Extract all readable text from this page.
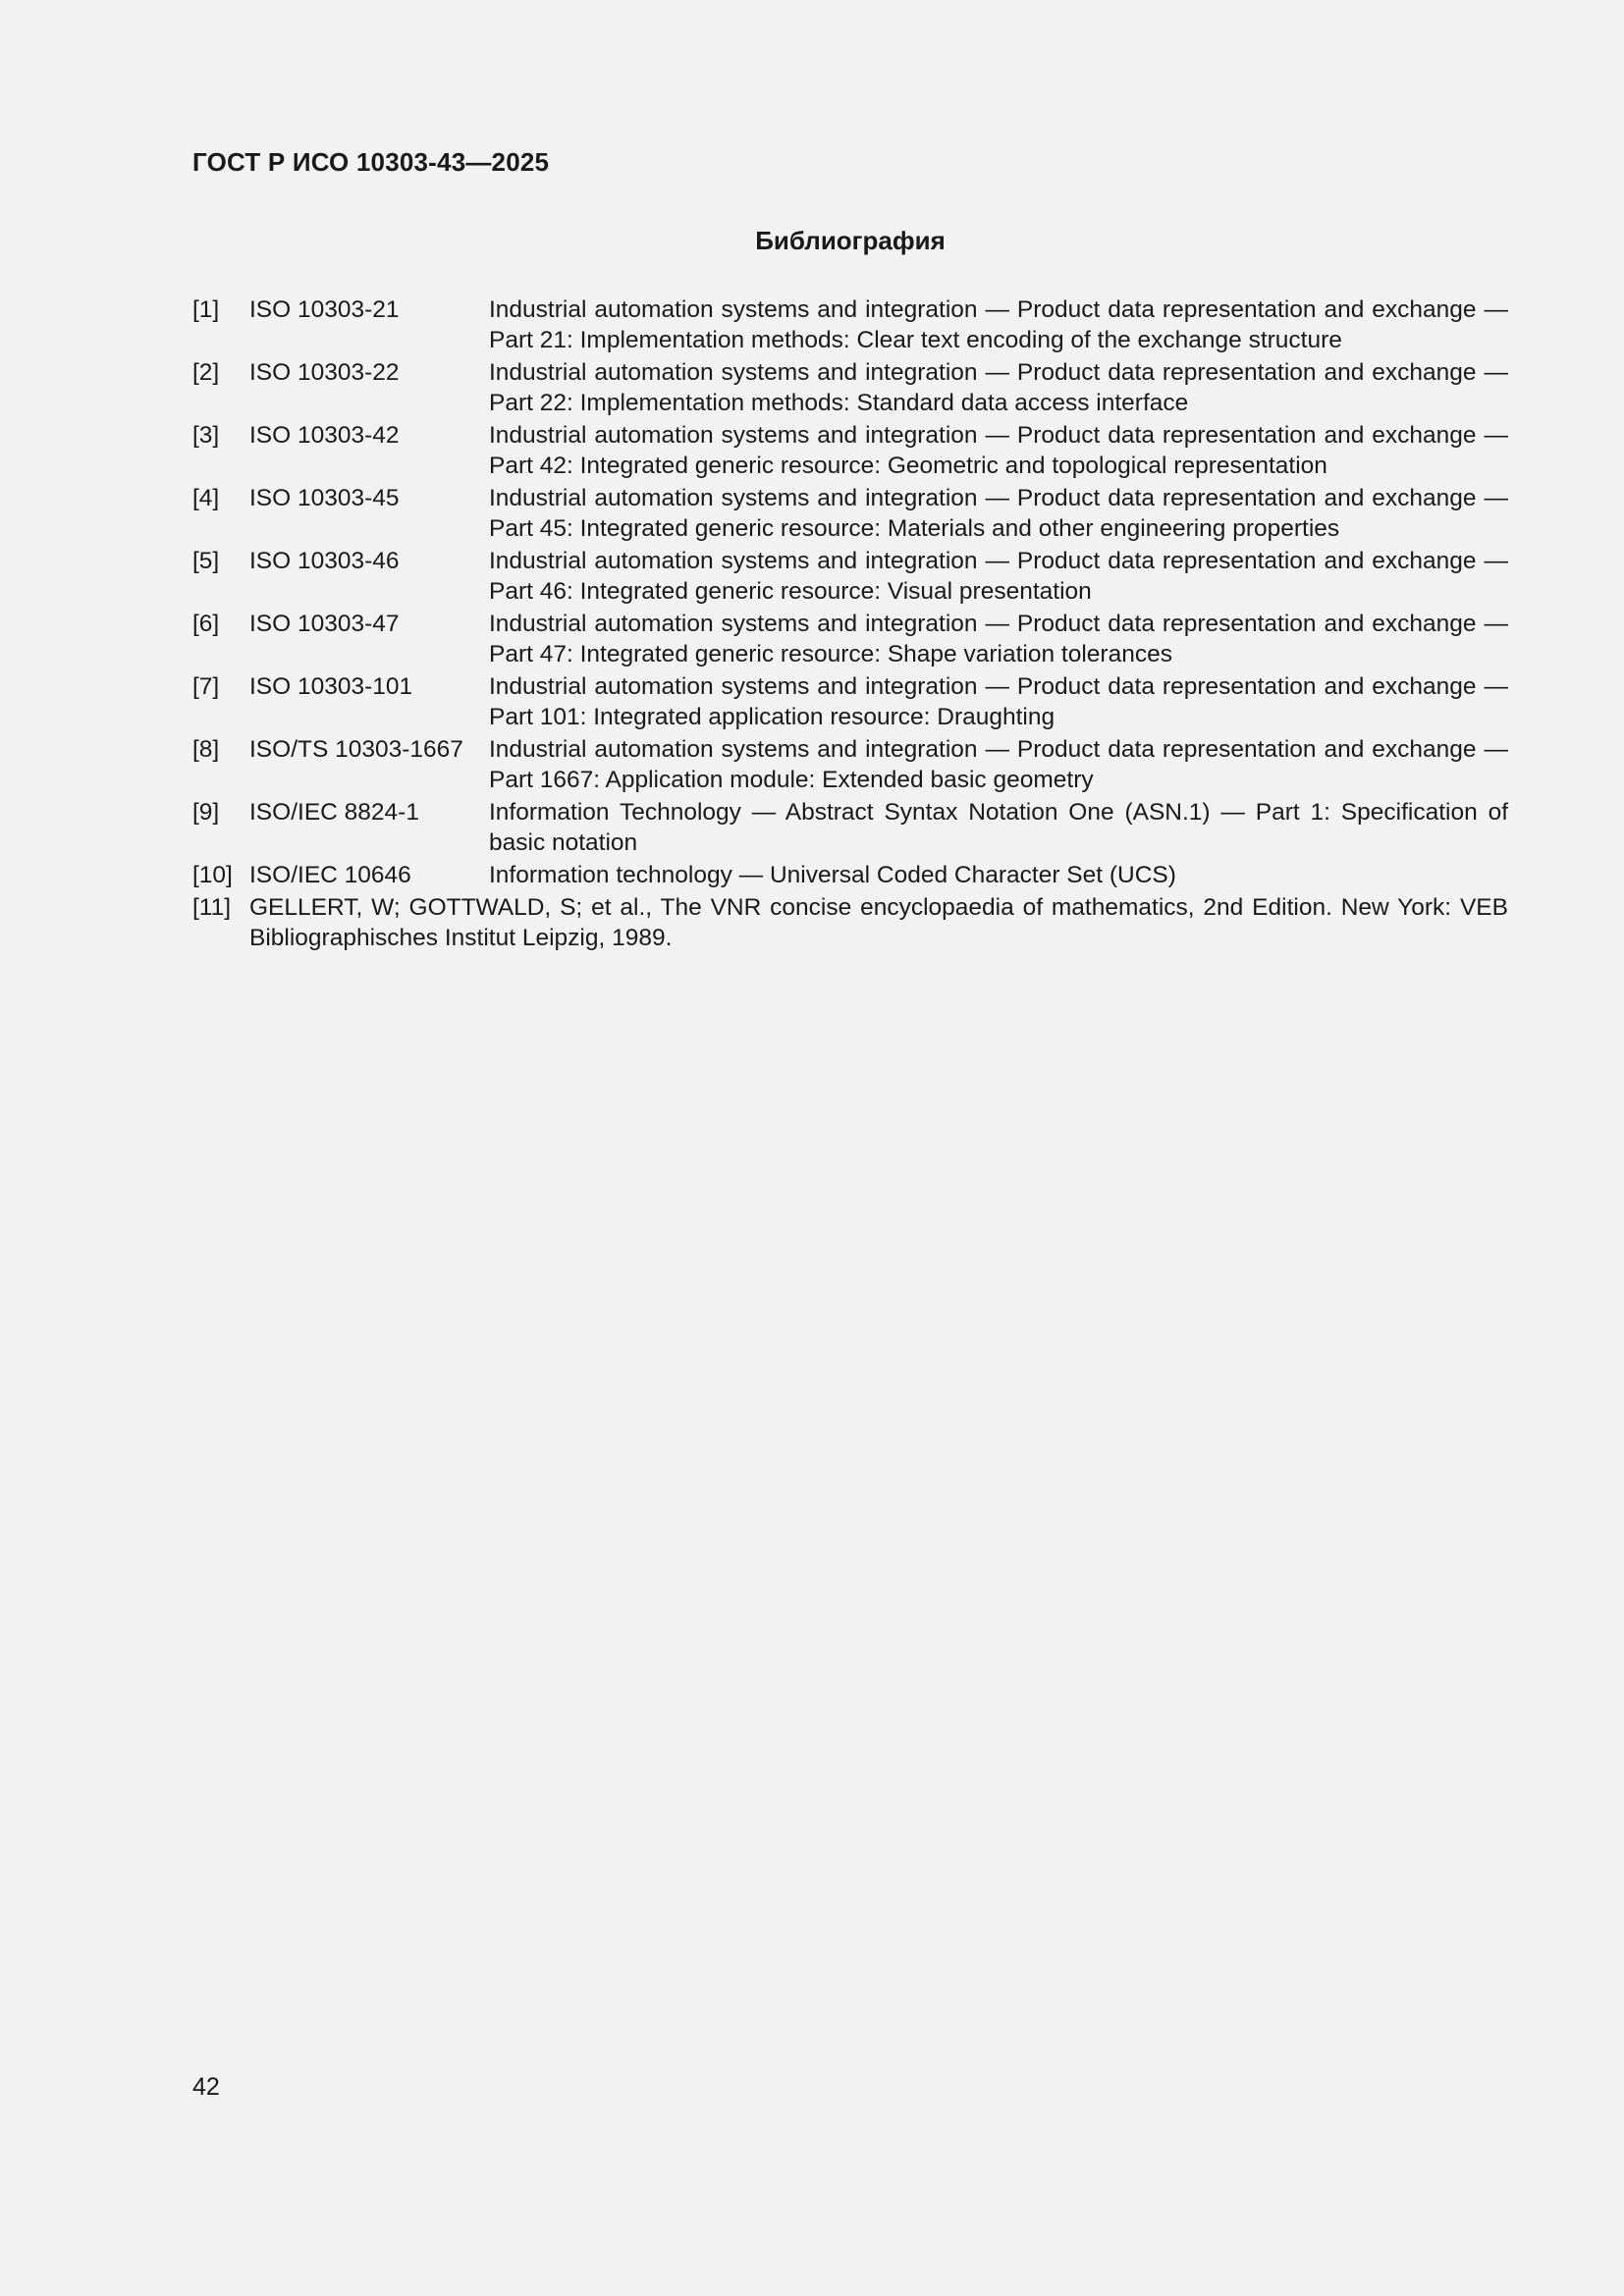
ГОСТ Р ИСО 10303-43—2025
Библиография
[1] ISO 10303-21	Industrial automation systems and integration — Product data representation and exchange — Part 21: Implementation methods: Clear text encoding of the exchange structure
[2] ISO 10303-22	Industrial automation systems and integration — Product data representation and exchange — Part 22: Implementation methods: Standard data access interface
[3] ISO 10303-42	Industrial automation systems and integration — Product data representation and exchange — Part 42: Integrated generic resource: Geometric and topological representation
[4] ISO 10303-45	Industrial automation systems and integration — Product data representation and exchange — Part 45: Integrated generic resource: Materials and other engineering properties
[5] ISO 10303-46	Industrial automation systems and integration — Product data representation and exchange — Part 46: Integrated generic resource: Visual presentation
[6] ISO 10303-47	Industrial automation systems and integration — Product data representation and exchange — Part 47: Integrated generic resource: Shape variation tolerances
[7] ISO 10303-101	Industrial automation systems and integration — Product data representation and exchange — Part 101: Integrated application resource: Draughting
[8] ISO/TS 10303-1667 Industrial automation systems and integration — Product data representation and exchange — Part 1667: Application module: Extended basic geometry
[9] ISO/IEC 8824-1	Information Technology — Abstract Syntax Notation One (ASN.1) — Part 1: Specification of basic notation
[10] ISO/IEC 10646	Information technology — Universal Coded Character Set (UCS)
[11] GELLERT, W; GOTTWALD, S; et al., The VNR concise encyclopaedia of mathematics, 2nd Edition. New York: VEB Bibliographisches Institut Leipzig, 1989.
42
